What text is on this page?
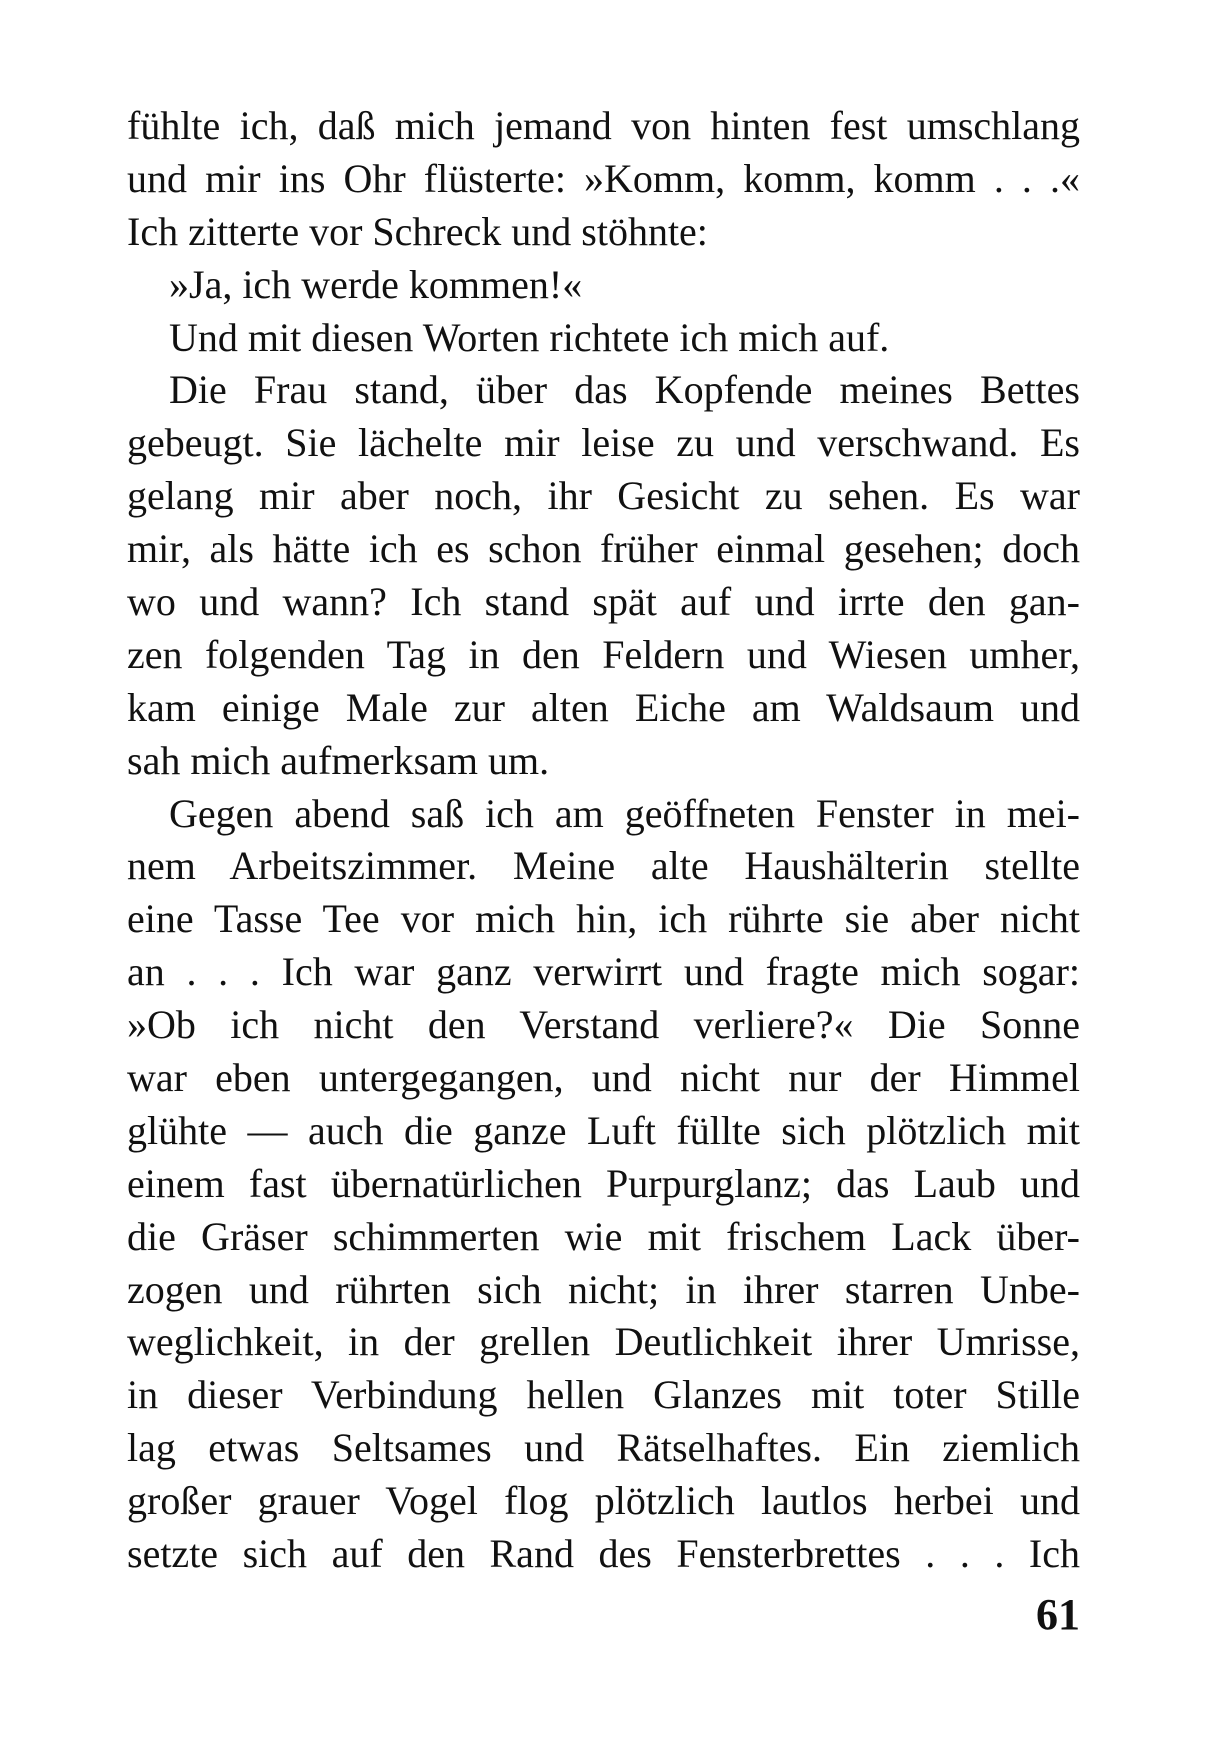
fühlte ich, daß mich jemand von hinten fest umschlang
und mir ins Ohr flüsterte: »Komm, komm, komm . . .«
Ich zitterte vor Schreck und stöhnte:
»Ja, ich werde kommen!«
Und mit diesen Worten richtete ich mich auf.
Die Frau stand, über das Kopfende meines Bettes
gebeugt. Sie lächelte mir leise zu und verschwand. Es
gelang mir aber noch, ihr Gesicht zu sehen. Es war
mir, als hätte ich es schon früher einmal gesehen; doch
wo und wann? Ich stand spät auf und irrte den gan-
zen folgenden Tag in den Feldern und Wiesen umher,
kam einige Male zur alten Eiche am Waldsaum und
sah mich aufmerksam um.
Gegen abend saß ich am geöffneten Fenster in mei-
nem Arbeitszimmer. Meine alte Haushälterin stellte
eine Tasse Tee vor mich hin, ich rührte sie aber nicht
an . . . Ich war ganz verwirrt und fragte mich sogar:
»Ob ich nicht den Verstand verliere?« Die Sonne
war eben untergegangen, und nicht nur der Himmel
glühte — auch die ganze Luft füllte sich plötzlich mit
einem fast übernatürlichen Purpurglanz; das Laub und
die Gräser schimmerten wie mit frischem Lack über-
zogen und rührten sich nicht; in ihrer starren Unbe-
weglichkeit, in der grellen Deutlichkeit ihrer Umrisse,
in dieser Verbindung hellen Glanzes mit toter Stille
lag etwas Seltsames und Rätselhaftes. Ein ziemlich
großer grauer Vogel flog plötzlich lautlos herbei und
setzte sich auf den Rand des Fensterbrettes . . . Ich
61
